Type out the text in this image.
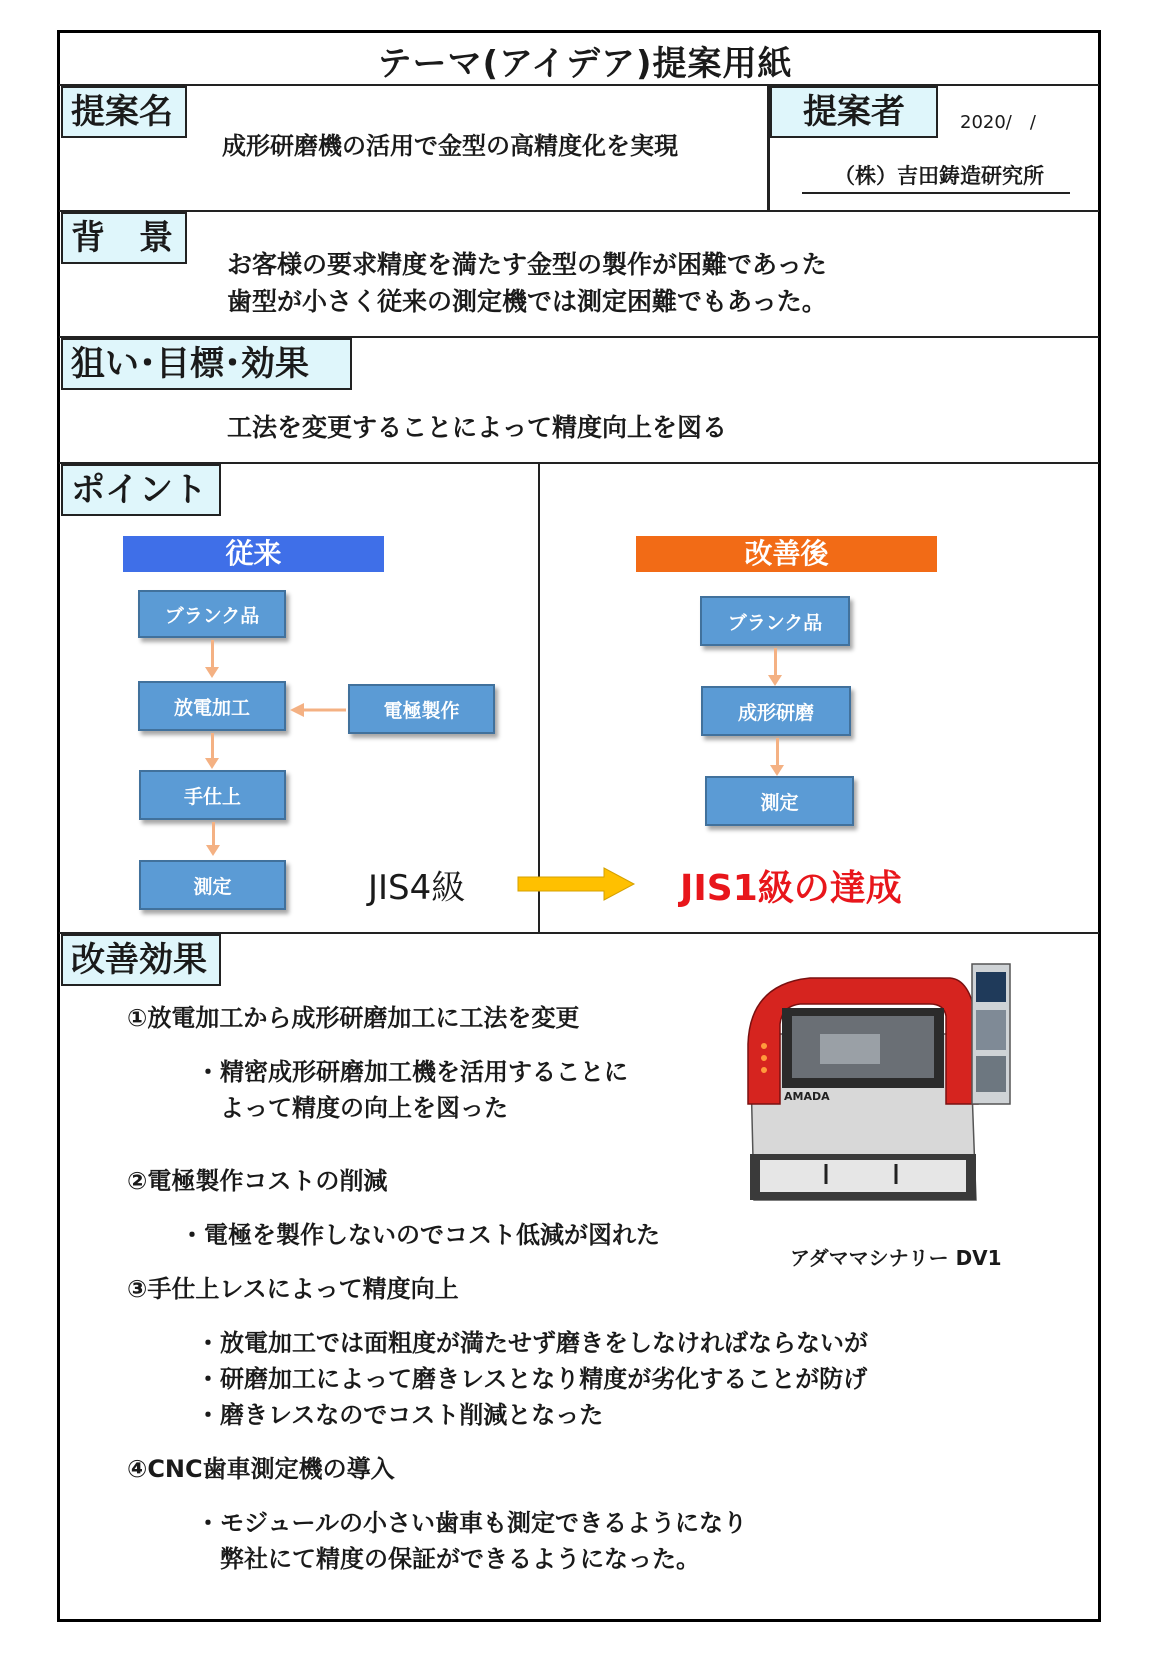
テーマ(アイデア)提案用紙
提案名
成形研磨機の活用で金型の高精度化を実現
提案者	2020/　/
（株）吉田鋳造研究所
背　景
お客様の要求精度を満たす金型の製作が困難であった
歯型が小さく従来の測定機では測定困難でもあった。
狙い･目標･効果
工法を変更することによって精度向上を図る
ポイント
従来
ブランク品
放電加工
手仕上
測定
電極製作
JIS4級
改善後
ブランク品
成形研磨
測定
JIS1級の達成
改善効果
①放電加工から成形研磨加工に工法を変更
・精密成形研磨加工機を活用することに
　よって精度の向上を図った
②電極製作コストの削減
・電極を製作しないのでコスト低減が図れた
③手仕上レスによって精度向上
・放電加工では面粗度が満たせず磨きをしなければならないが
・研磨加工によって磨きレスとなり精度が劣化することが防げ
・磨きレスなのでコスト削減となった
④CNC歯車測定機の導入
・モジュールの小さい歯車も測定できるようになり
　弊社にて精度の保証ができるようになった。
AMADA
アダママシナリー DV1
